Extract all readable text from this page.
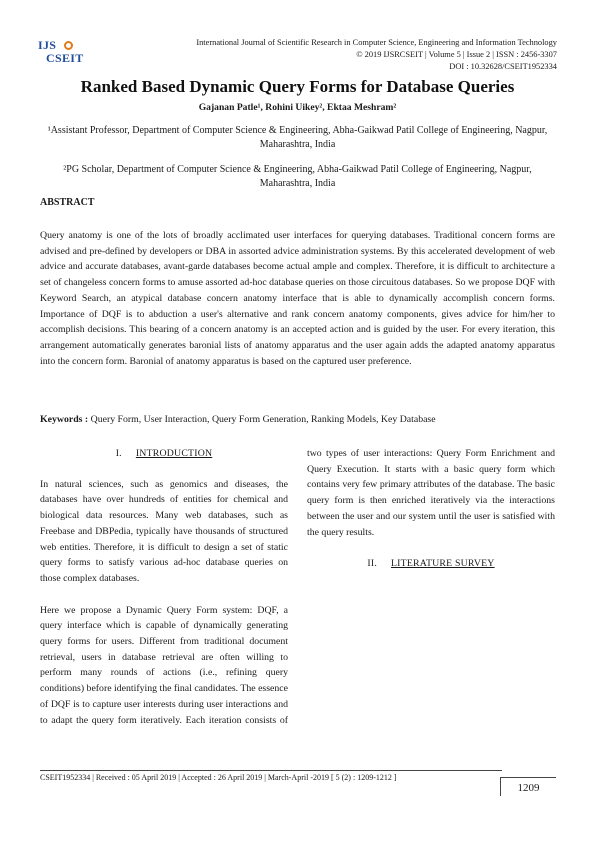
IJS
CSEIT
International Journal of Scientific Research in Computer Science, Engineering and Information Technology
© 2019 IJSRCSEIT | Volume 5 | Issue 2 | ISSN : 2456-3307
DOI : 10.32628/CSEIT1952334
Ranked Based Dynamic Query Forms for Database Queries
Gajanan Patle¹, Rohini Uikey², Ektaa Meshram²
¹Assistant Professor, Department of Computer Science & Engineering, Abha-Gaikwad Patil College of Engineering, Nagpur, Maharashtra, India
²PG Scholar, Department of Computer Science & Engineering, Abha-Gaikwad Patil College of Engineering, Nagpur, Maharashtra, India
ABSTRACT
Query anatomy is one of the lots of broadly acclimated user interfaces for querying databases. Traditional concern forms are advised and pre-defined by developers or DBA in assorted advice administration systems. By this accelerated development of web advice and accurate databases, avant-garde databases become actual ample and complex. Therefore, it is difficult to architecture a set of changeless concern forms to amuse assorted ad-hoc database queries on those circuitous databases. So we propose DQF with Keyword Search, an atypical database concern anatomy interface that is able to dynamically accomplish concern forms. Importance of DQF is to abduction a user's alternative and rank concern anatomy components, gives advice for him/her to accomplish decisions. This bearing of a concern anatomy is an accepted action and is guided by the user. For every iteration, this arrangement automatically generates baronial lists of anatomy apparatus and the user again adds the adapted anatomy apparatus into the concern form. Baronial of anatomy apparatus is based on the captured user preference.
Keywords : Query Form, User Interaction, Query Form Generation, Ranking Models, Key Database
I. INTRODUCTION

In natural sciences, such as genomics and diseases, the databases have over hundreds of entities for chemical and biological data resources. Many web databases, such as Freebase and DBPedia, typically have thousands of structured web entities. Therefore, it is difficult to design a set of static query forms to satisfy various ad-hoc database queries on those complex databases.

Here we propose a Dynamic Query Form system: DQF, a query interface which is capable of dynamically generating query forms for users. Different from traditional document retrieval, users in database retrieval are often willing to perform many rounds of actions (i.e., refining query conditions) before identifying the final candidates. The essence of DQF is to capture user interests during user interactions and to adapt the query form iteratively. Each iteration consists of

two types of user interactions: Query Form Enrichment and Query Execution. It starts with a basic query form which contains very few primary attributes of the database. The basic query form is then enriched iteratively via the interactions between the user and our system until the user is satisfied with the query results.

II. LITERATURE SURVEY
CSEIT1952334 | Received : 05 April 2019 | Accepted : 26 April 2019 | March-April -2019 [ 5 (2) : 1209-1212 ]
1209
